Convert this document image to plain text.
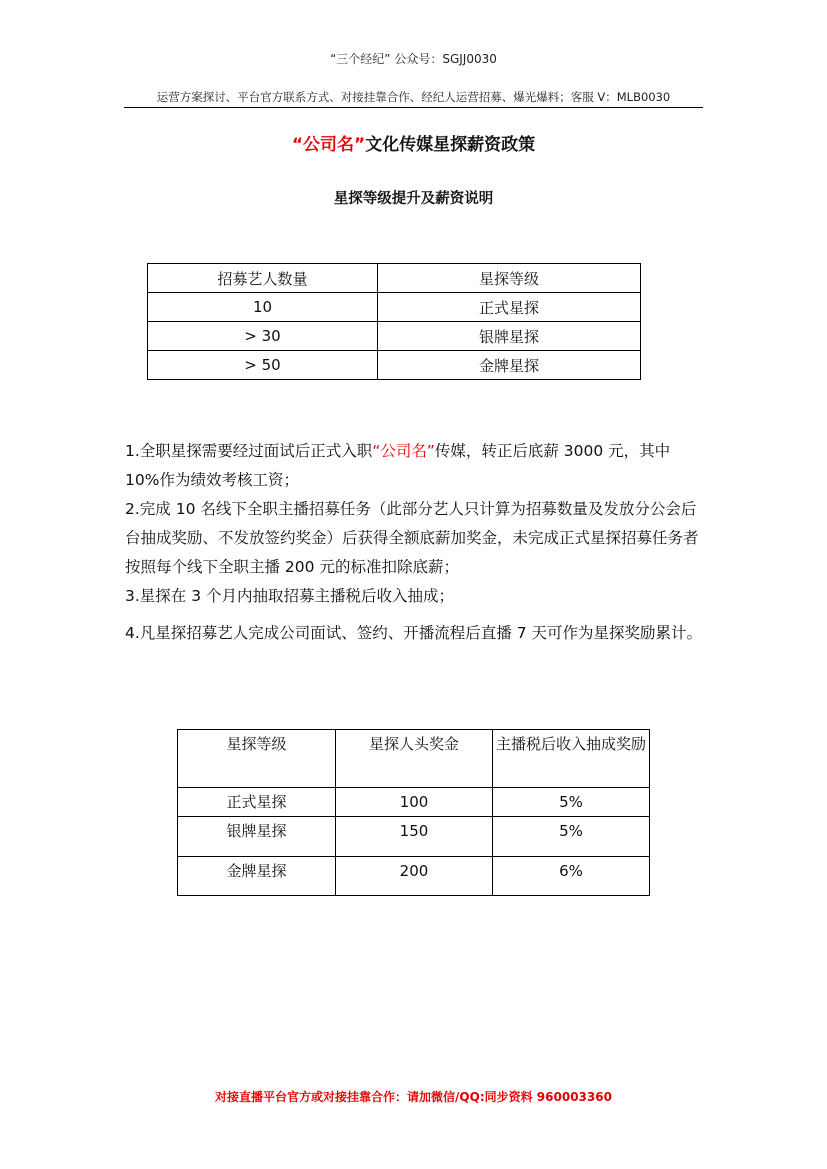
“三个经纪” 公众号：SGJJ0030
运营方案探讨、平台官方联系方式、对接挂靠合作、经纪人运营招募、爆光爆料；客服 V：MLB0030
“公司名”文化传媒星探薪资政策
星探等级提升及薪资说明
招募艺人数量	星探等级
10	正式星探
> 30	银牌星探
> 50	金牌星探

1.全职星探需要经过面试后正式入职“公司名”传媒，转正后底薪 3000 元，其中 10%作为绩效考核工资；

2.完成 10 名线下全职主播招募任务（此部分艺人只计算为招募数量及发放分公会后台抽成奖励、不发放签约奖金）后获得全额底薪加奖金，未完成正式星探招募任务者按照每个线下全职主播 200 元的标准扣除底薪；

3.星探在 3 个月内抽取招募主播税后收入抽成；

4.凡星探招募艺人完成公司面试、签约、开播流程后直播 7 天可作为星探奖励累计。

星探等级	星探人头奖金	主播税后收入抽成奖励
正式星探	100	5%
银牌星探	150	5%
金牌星探	200	6%
对接直播平台官方或对接挂靠合作：请加微信/QQ:同步资料 960003360
